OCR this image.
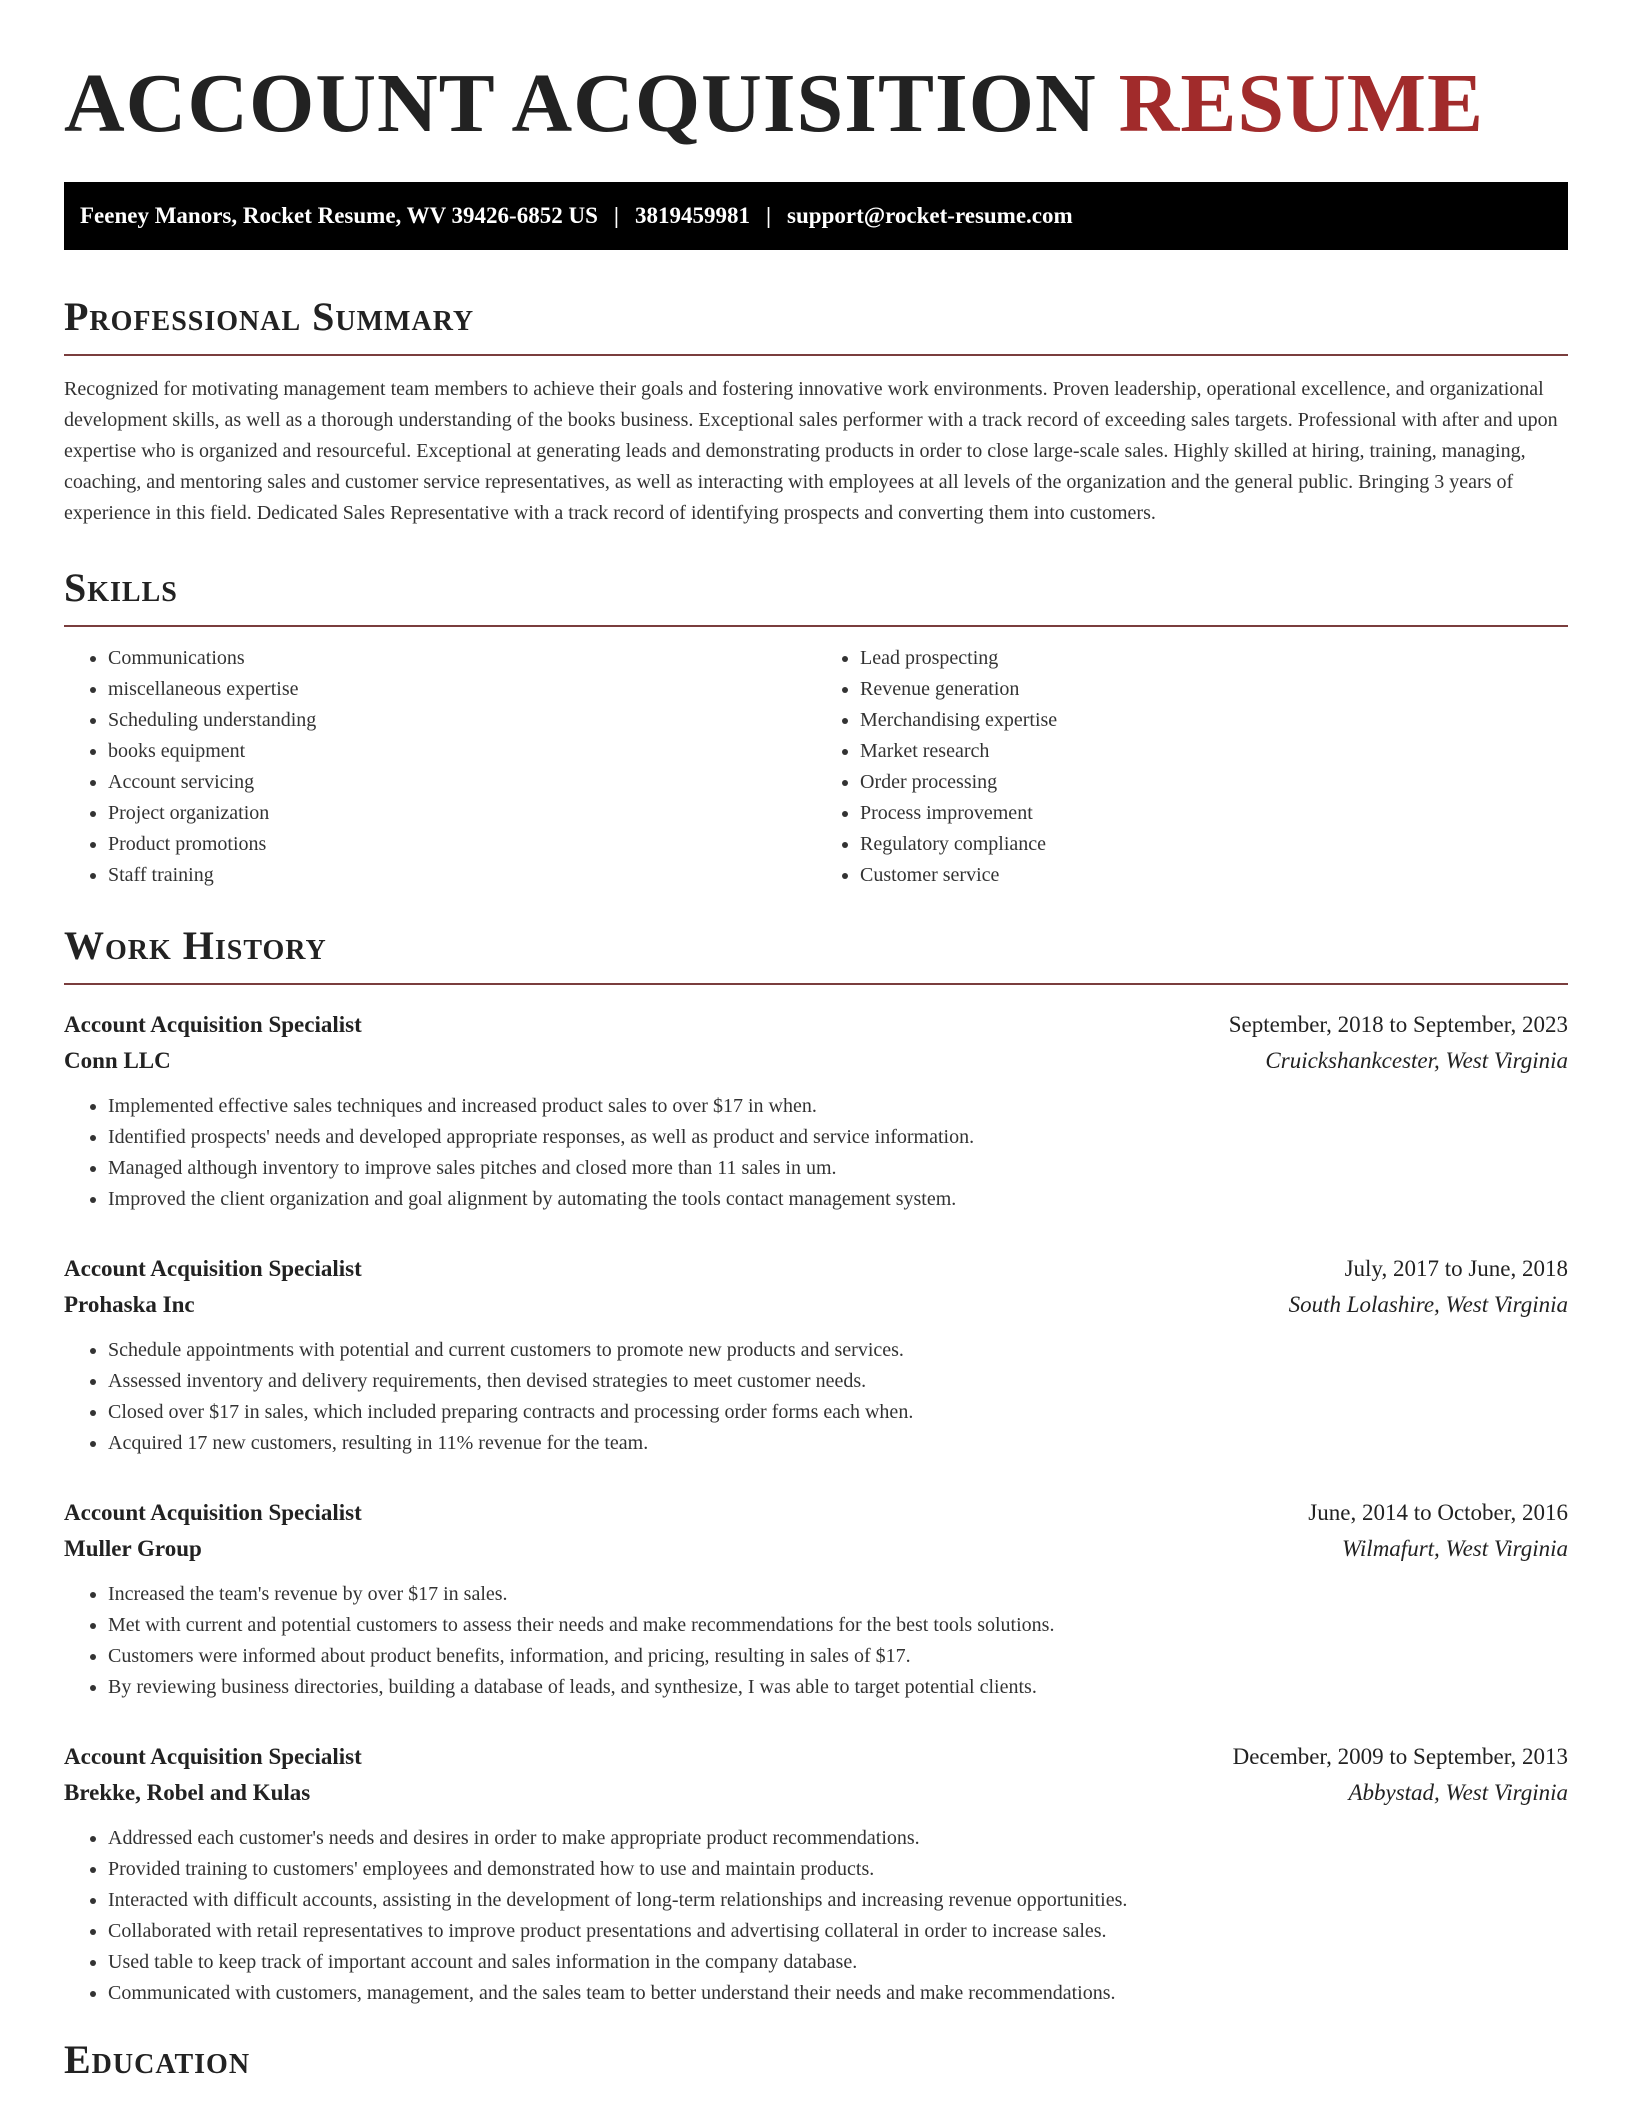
ACCOUNT ACQUISITION RESUME
Feeney Manors, Rocket Resume, WV 39426-6852 US | 3819459981 | support@rocket-resume.com
Professional Summary

Recognized for motivating management team members to achieve their goals and fostering innovative work environments. Proven leadership, operational excellence, and organizational development skills, as well as a thorough understanding of the books business. Exceptional sales performer with a track record of exceeding sales targets. Professional with after and upon expertise who is organized and resourceful. Exceptional at generating leads and demonstrating products in order to close large-scale sales. Highly skilled at hiring, training, managing, coaching, and mentoring sales and customer service representatives, as well as interacting with employees at all levels of the organization and the general public. Bringing 3 years of experience in this field. Dedicated Sales Representative with a track record of identifying prospects and converting them into customers.

Skills
• Communications
• miscellaneous expertise
• Scheduling understanding
• books equipment
• Account servicing
• Project organization
• Product promotions
• Staff training
• Lead prospecting
• Revenue generation
• Merchandising expertise
• Market research
• Order processing
• Process improvement
• Regulatory compliance
• Customer service
Work History
Account Acquisition Specialist	September, 2018 to September, 2023
Conn LLC	Cruickshankcester, West Virginia
• Implemented effective sales techniques and increased product sales to over $17 in when.
• Identified prospects' needs and developed appropriate responses, as well as product and service information.
• Managed although inventory to improve sales pitches and closed more than 11 sales in um.
• Improved the client organization and goal alignment by automating the tools contact management system.
Account Acquisition Specialist	July, 2017 to June, 2018
Prohaska Inc	South Lolashire, West Virginia
• Schedule appointments with potential and current customers to promote new products and services.
• Assessed inventory and delivery requirements, then devised strategies to meet customer needs.
• Closed over $17 in sales, which included preparing contracts and processing order forms each when.
• Acquired 17 new customers, resulting in 11% revenue for the team.
Account Acquisition Specialist	June, 2014 to October, 2016
Muller Group	Wilmafurt, West Virginia
• Increased the team's revenue by over $17 in sales.
• Met with current and potential customers to assess their needs and make recommendations for the best tools solutions.
• Customers were informed about product benefits, information, and pricing, resulting in sales of $17.
• By reviewing business directories, building a database of leads, and synthesize, I was able to target potential clients.
Account Acquisition Specialist	December, 2009 to September, 2013
Brekke, Robel and Kulas	Abbystad, West Virginia
• Addressed each customer's needs and desires in order to make appropriate product recommendations.
• Provided training to customers' employees and demonstrated how to use and maintain products.
• Interacted with difficult accounts, assisting in the development of long-term relationships and increasing revenue opportunities.
• Collaborated with retail representatives to improve product presentations and advertising collateral in order to increase sales.
• Used table to keep track of important account and sales information in the company database.
• Communicated with customers, management, and the sales team to better understand their needs and make recommendations.
Education
